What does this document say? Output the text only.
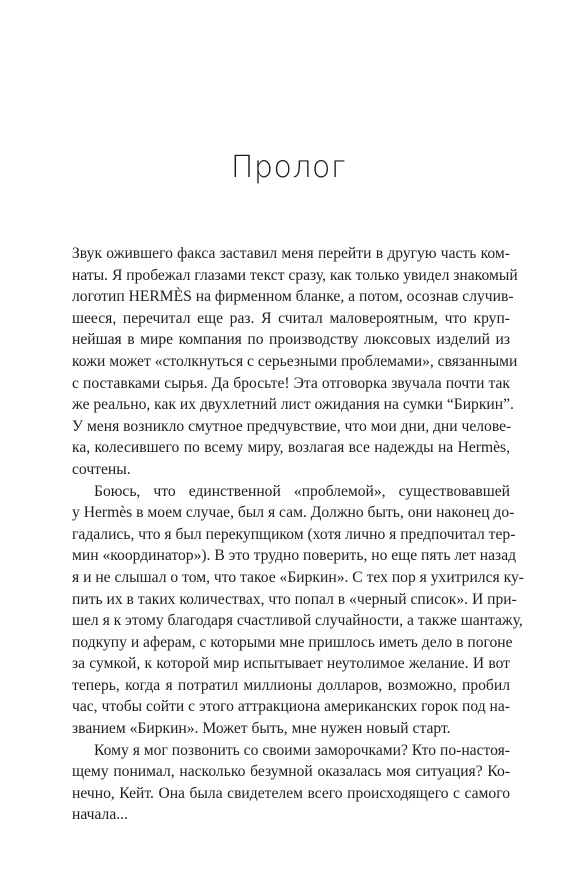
Пролог

Звук ожившего факса заставил меня перейти в другую часть ком-
наты. Я пробежал глазами текст сразу, как только увидел знакомый
логотип HERMÈS на фирменном бланке, а потом, осознав случив-
шееся, перечитал еще раз. Я считал маловероятным, что круп-
нейшая в мире компания по производству люксовых изделий из
кожи может «столкнуться с серьезными проблемами», связанными
с поставками сырья. Да бросьте! Эта отговорка звучала почти так
же реально, как их двухлетний лист ожидания на сумки “Биркин”.
У меня возникло смутное предчувствие, что мои дни, дни челове-
ка, колесившего по всему миру, возлагая все надежды на Hermès,
сочтены.

Боюсь, что единственной «проблемой», существовавшей
у Hermès в моем случае, был я сам. Должно быть, они наконец до-
гадались, что я был перекупщиком (хотя лично я предпочитал тер-
мин «координатор»). В это трудно поверить, но еще пять лет назад
я и не слышал о том, что такое «Биркин». С тех пор я ухитрился ку-
пить их в таких количествах, что попал в «черный список». И при-
шел я к этому благодаря счастливой случайности, а также шантажу,
подкупу и аферам, с которыми мне пришлось иметь дело в погоне
за сумкой, к которой мир испытывает неутолимое желание. И вот
теперь, когда я потратил миллионы долларов, возможно, пробил
час, чтобы сойти с этого аттракциона американских горок под на-
званием «Биркин». Может быть, мне нужен новый старт.

Кому я мог позвонить со своими заморочками? Кто по-настоя-
щему понимал, насколько безумной оказалась моя ситуация? Ко-
нечно, Кейт. Она была свидетелем всего происходящего с самого
начала...
